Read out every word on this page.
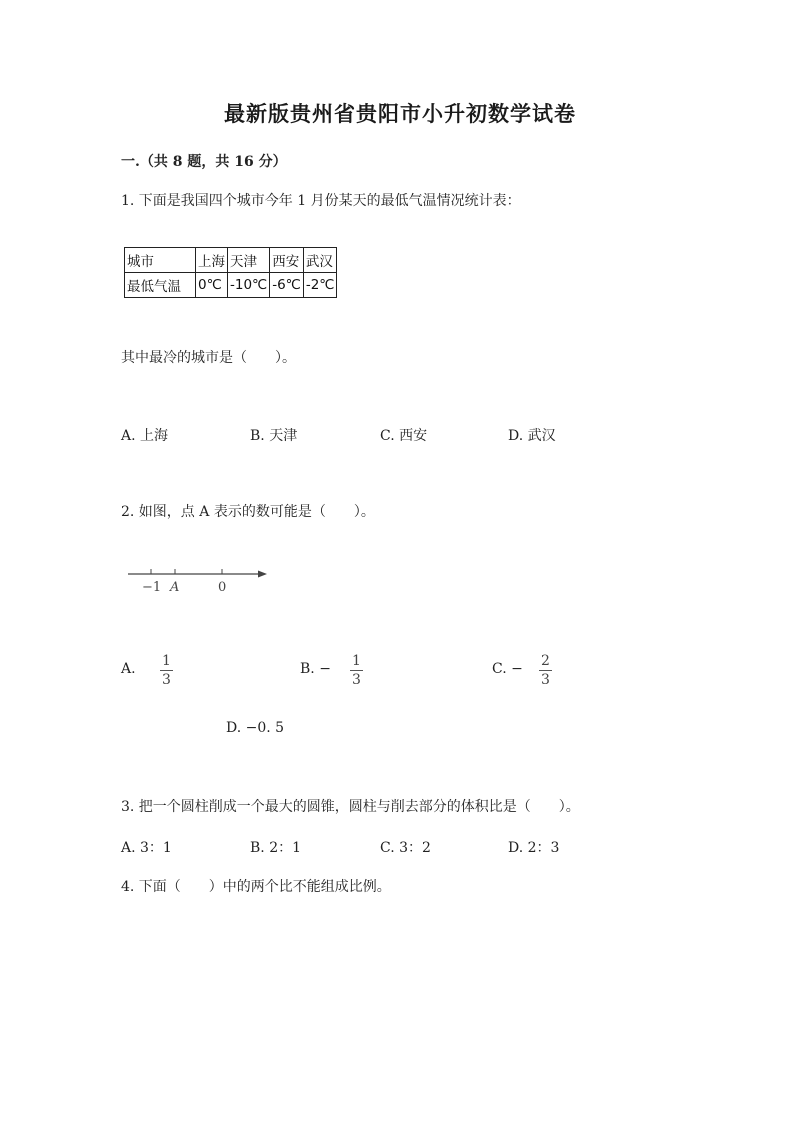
最新版贵州省贵阳市小升初数学试卷
一.（共 8 题，共 16 分）
1. 下面是我国四个城市今年 1 月份某天的最低气温情况统计表：
城市	上海	天津	西安	武汉
最低气温	0℃	-10℃	-6℃	-2℃
其中最冷的城市是（　　）。
A. 上海	B. 天津	C. 西安	D. 武汉
2. 如图，点 A 表示的数可能是（　　）。
−1 A	0
A. $\frac{1}{3}$	B. − $\frac{1}{3}$	C. − $\frac{2}{3}$
D. −0. 5
3. 把一个圆柱削成一个最大的圆锥，圆柱与削去部分的体积比是（　　）。
A. 3：1	B. 2：1	C. 3：2	D. 2：3
4. 下面（　　）中的两个比不能组成比例。
